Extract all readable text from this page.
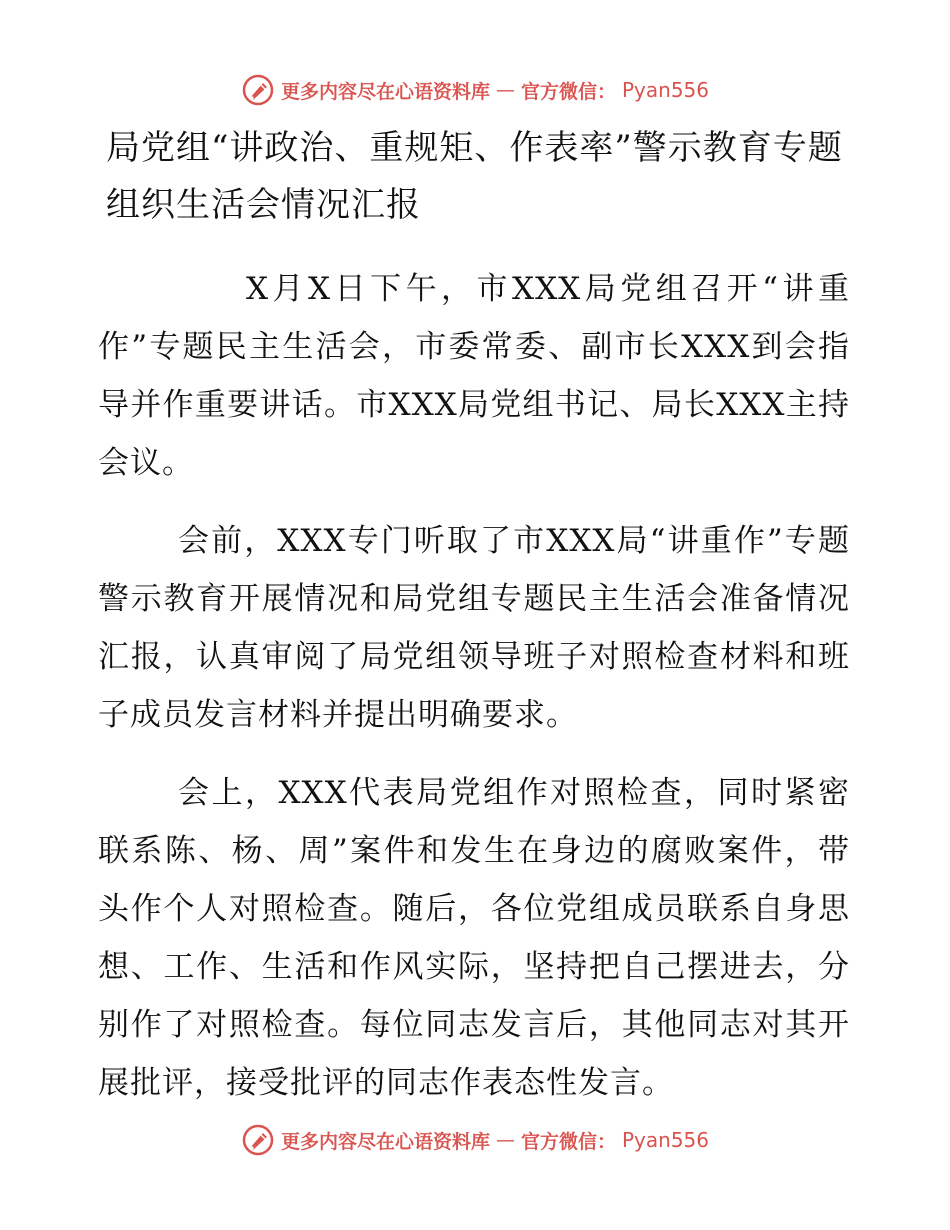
更多内容尽在心语资料库 — 官方微信： Pyan556
局党组“讲政治、重规矩、作表率”警示教育专题组织生活会情况汇报

X月X日下午，市XXX局党组召开“讲重作”专题民主生活会，市委常委、副市长XXX到会指导并作重要讲话。市XXX局党组书记、局长XXX主持会议。

会前，XXX专门听取了市XXX局“讲重作”专题警示教育开展情况和局党组专题民主生活会准备情况汇报，认真审阅了局党组领导班子对照检查材料和班子成员发言材料并提出明确要求。

会上，XXX代表局党组作对照检查，同时紧密联系陈、杨、周”案件和发生在身边的腐败案件，带头作个人对照检查。随后，各位党组成员联系自身思想、工作、生活和作风实际，坚持把自己摆进去，分别作了对照检查。每位同志发言后，其他同志对其开展批评，接受批评的同志作表态性发言。

更多内容尽在心语资料库 — 官方微信： Pyan556
